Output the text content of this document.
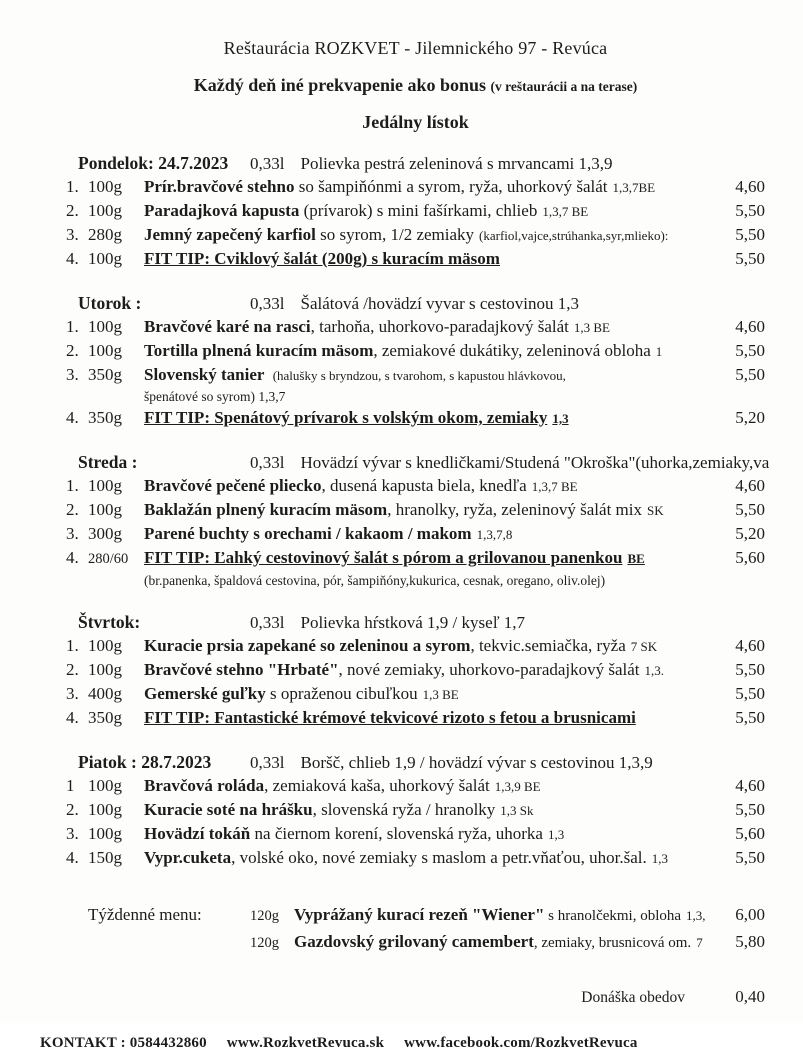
Reštaurácia ROZKVET - Jilemnického 97 - Revúca
Každý deň iné prekvapenie ako bonus (v reštaurácii a na terase)
Jedálny lístok
Pondelok: 24.7.2023	0,33l Polievka pestrá zeleninová s mrvancami 1,3,9
1. 100g	Prír.bravčové stehno so šampiňónmi a syrom, ryža, uhorkový šalát 1,3,7BE	4,60
2. 100g	Paradajková kapusta (prívarok) s mini fašírkami, chlieb 1,3,7 BE	5,50
3. 280g	Jemný zapečený karfiol so syrom, 1/2 zemiaky (karfiol,vajce,strúhanka,syr,mlieko):	5,50
4. 100g	FIT TIP: Cviklový šalát (200g) s kuracím mäsom	5,50
Utorok :	0,33l Šalátová /hovädzí vyvar s cestovinou 1,3
1. 100g	Bravčové karé na rasci, tarhoňa, uhorkovo-paradajkový šalát 1,3 BE	4,60
2. 100g	Tortilla plnená kuracím mäsom, zemiakové dukátiky, zeleninová obloha 1	5,50
3. 350g	Slovenský tanier (halušky s bryndzou, s tvarohom, s kapustou hlávkovou,	5,50
špenátové so syrom) 1,3,7
4. 350g	FIT TIP: Spenátový prívarok s volským okom, zemiaky 1,3	5,20
Streda :	0,33l Hovädzí vývar s knedličkami/Studená "Okroška"(uhorka,zemiaky,va
1. 100g	Bravčové pečené pliecko, dusená kapusta biela, knedľa 1,3,7 BE	4,60
2. 100g	Baklažán plnený kuracím mäsom, hranolky, ryža, zeleninový šalát mix SK	5,50
3. 300g	Parené buchty s orechami / kakaom / makom 1,3,7,8	5,20
4. 280/60 FIT TIP: Ľahký cestovinový šalát s pórom a grilovanou panenkou BE	5,60
(br.panenka, špaldová cestovina, pór, šampiňóny,kukurica, cesnak, oregano, oliv.olej)
Štvrtok:	0,33l Polievka hŕstková 1,9 / kyseľ 1,7
1. 100g	Kuracie prsia zapekané so zeleninou a syrom, tekvic.semiačka, ryža 7 SK	4,60
2. 100g	Bravčové stehno "Hrbaté", nové zemiaky, uhorkovo-paradajkový šalát 1,3.	5,50
3. 400g	Gemerské guľky s opraženou cibuľkou 1,3 BE	5,50
4. 350g	FIT TIP: Fantastické krémové tekvicové rizoto s fetou a brusnicami	5,50
Piatok : 28.7.2023	0,33l Boršč, chlieb 1,9 / hovädzí vývar s cestovinou 1,3,9
1 100g	Bravčová roláda, zemiaková kaša, uhorkový šalát 1,3,9 BE	4,60
2. 100g	Kuracie soté na hrášku, slovenská ryža / hranolky 1,3 Sk	5,50
3. 100g	Hovädzí tokáň na čiernom korení, slovenská ryža, uhorka 1,3	5,60
4. 150g	Vypr.cuketa, volské oko, nové zemiaky s maslom a petr.vňaťou, uhor.šal. 1,3	5,50
Týždenné menu:	120g Vyprážaný kurací rezeň "Wiener" s hranolčekmi, obloha 1,3,	6,00
120g Gazdovský grilovaný camembert, zemiaky, brusnicová om. 7	5,80
Donáška obedov	0,40
KONTAKT : 0584432860 www.RozkvetRevuca.sk www.facebook.com/RozkvetRevuca
